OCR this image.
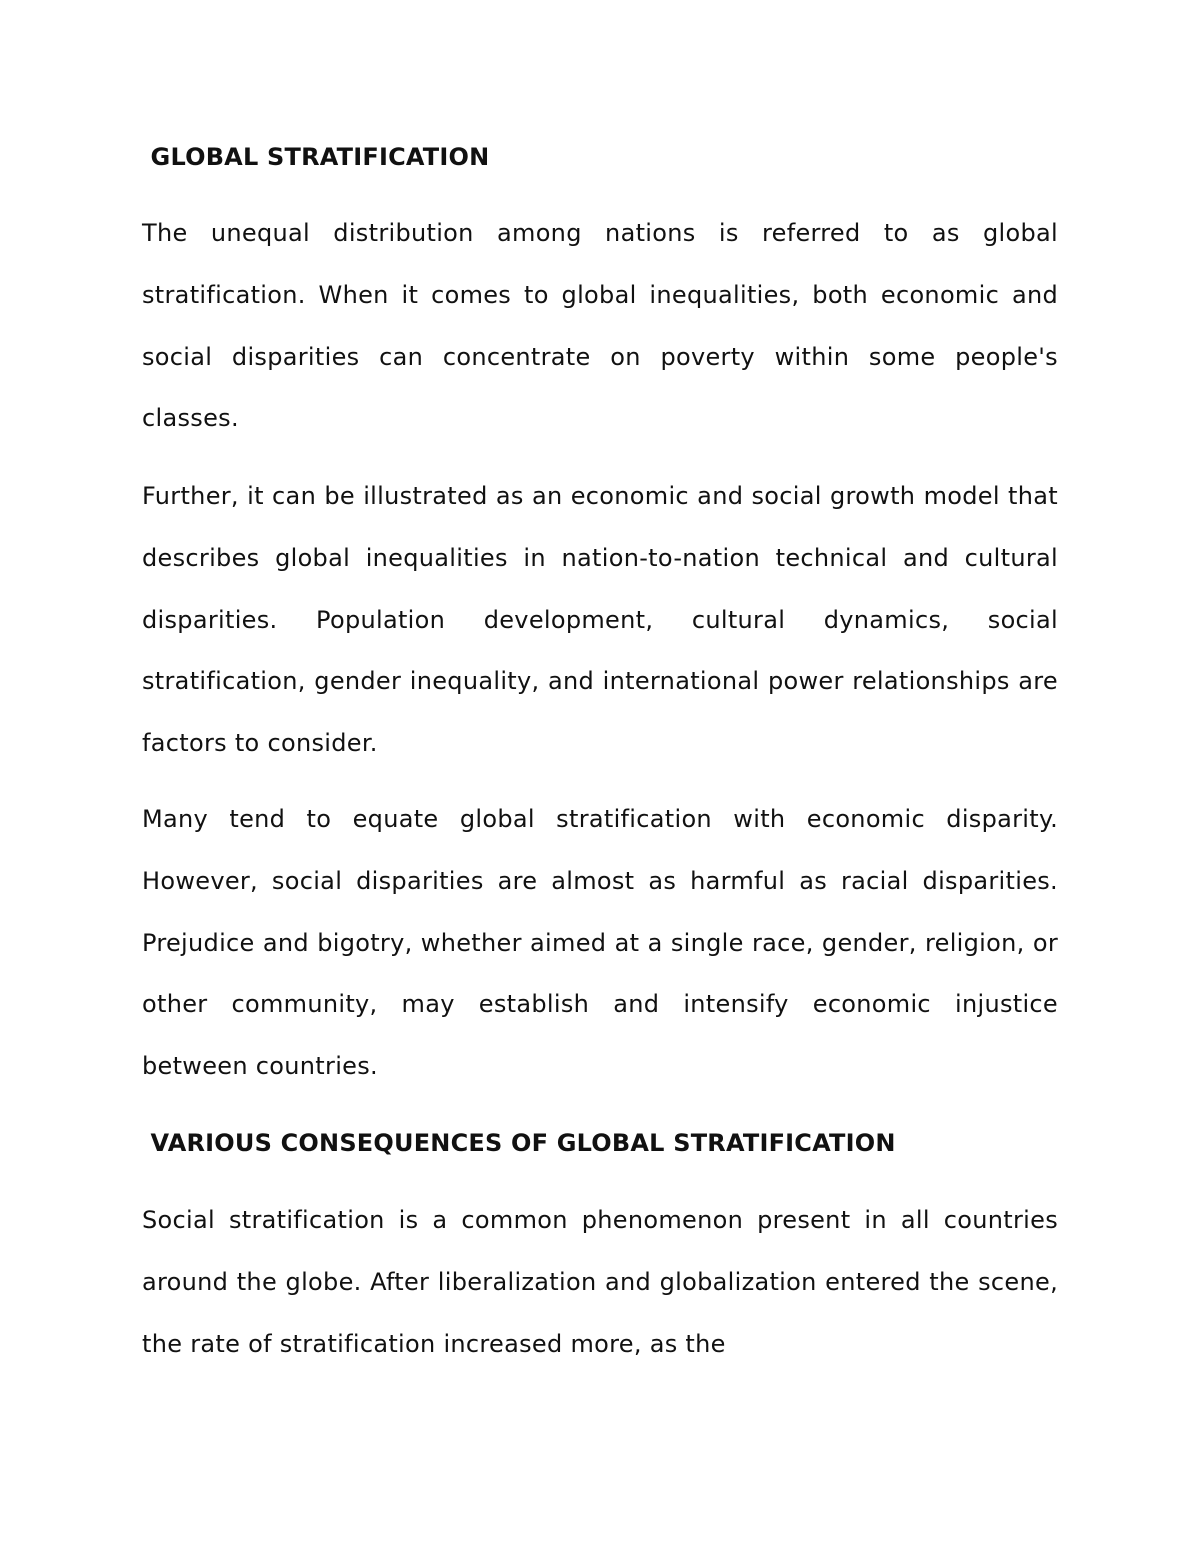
GLOBAL STRATIFICATION

The unequal distribution among nations is referred to as global stratification. When it comes to global inequalities, both economic and social disparities can concentrate on poverty within some people's classes.

Further, it can be illustrated as an economic and social growth model that describes global inequalities in nation-to-nation technical and cultural disparities. Population development, cultural dynamics, social stratification, gender inequality, and international power relationships are factors to consider.

Many tend to equate global stratification with economic disparity. However, social disparities are almost as harmful as racial disparities. Prejudice and bigotry, whether aimed at a single race, gender, religion, or other community, may establish and intensify economic injustice between countries.

VARIOUS CONSEQUENCES OF GLOBAL STRATIFICATION

Social stratification is a common phenomenon present in all countries around the globe. After liberalization and globalization entered the scene, the rate of stratification increased more, as the
